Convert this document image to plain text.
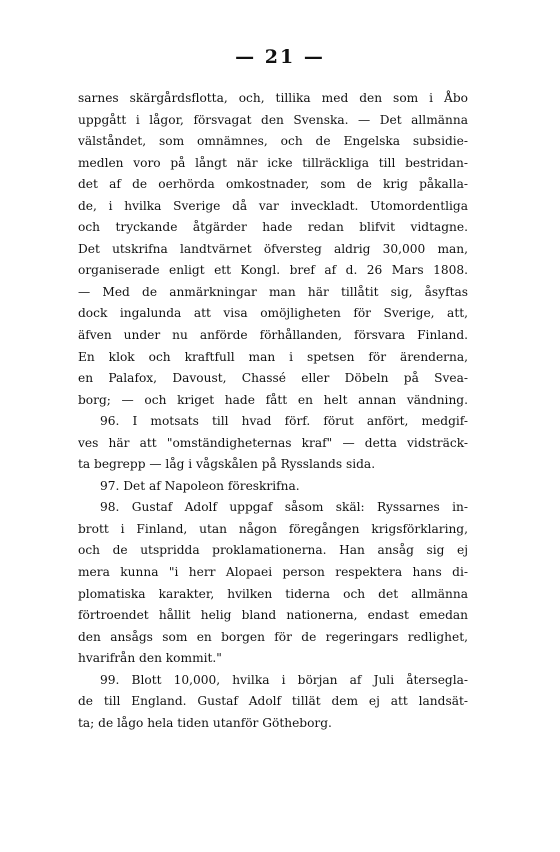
— 21 —
sarnes skärgårdsflotta, och, tillika med den som i Åbo
uppgått i lågor, försvagat den Svenska. — Det allmänna
välståndet, som omnämnes, och de Engelska subsidie-
medlen voro på långt när icke tillräckliga till bestridan-
det af de oerhörda omkostnader, som de krig påkalla-
de, i hvilka Sverige då var inveckladt. Utomordentliga
och tryckande åtgärder hade redan blifvit vidtagne.
Det utskrifna landtvärnet öfversteg aldrig 30,000 man,
organiserade enligt ett Kongl. bref af d. 26 Mars 1808.
— Med de anmärkningar man här tillåtit sig, åsyftas
dock ingalunda att visa omöjligheten för Sverige, att,
äfven under nu anförde förhållanden, försvara Finland.
En klok och kraftfull man i spetsen för ärenderna,
en Palafox, Davoust, Chassé eller Döbeln på Svea-
borg; — och kriget hade fått en helt annan vändning.
96. I motsats till hvad förf. förut anfört, medgif-
ves här att "omständigheternas kraf" — detta vidsträck-
ta begrepp — låg i vågskålen på Rysslands sida.
97. Det af Napoleon föreskrifna.
98. Gustaf Adolf uppgaf såsom skäl: Ryssarnes in-
brott i Finland, utan någon föregången krigsförklaring,
och de utspridda proklamationerna. Han ansåg sig ej
mera kunna "i herr Alopaei person respektera hans di-
plomatiska karakter, hvilken tiderna och det allmänna
förtroendet hållit helig bland nationerna, endast emedan
den ansågs som en borgen för de regeringars redlighet,
hvarifrån den kommit."
99. Blott 10,000, hvilka i början af Juli återsegla-
de till England. Gustaf Adolf tillät dem ej att landsät-
ta; de lågo hela tiden utanför Götheborg.
